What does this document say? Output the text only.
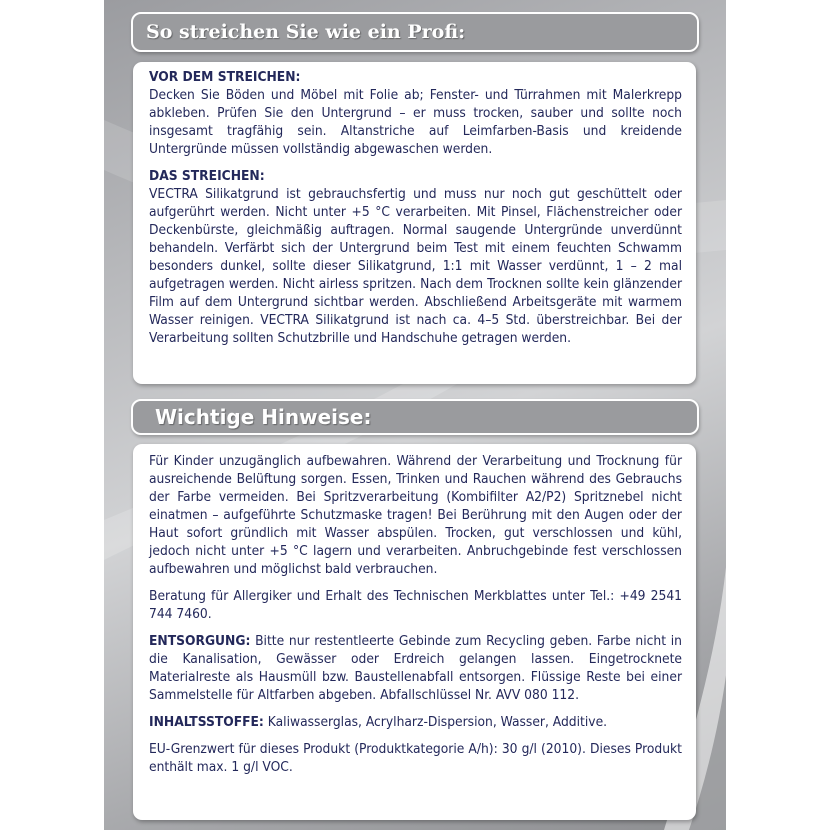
So streichen Sie wie ein Profi:
VOR DEM STREICHEN:

Decken Sie Böden und Möbel mit Folie ab; Fenster- und Türrahmen mit Malerkrepp abkleben. Prüfen Sie den Untergrund – er muss trocken, sauber und sollte noch insgesamt tragfähig sein. Altanstriche auf Leimfarben-Basis und kreidende Untergründe müssen vollständig abgewaschen werden.

DAS STREICHEN:

VECTRA Silikatgrund ist gebrauchsfertig und muss nur noch gut geschüttelt oder aufgerührt werden. Nicht unter +5 °C verarbeiten. Mit Pinsel, Flächenstreicher oder Deckenbürste, gleichmäßig auftragen. Normal saugende Untergründe unverdünnt behandeln. Verfärbt sich der Untergrund beim Test mit einem feuchten Schwamm besonders dunkel, sollte dieser Silikatgrund, 1:1 mit Wasser verdünnt, 1 – 2 mal aufgetragen werden. Nicht airless spritzen. Nach dem Trocknen sollte kein glänzender Film auf dem Untergrund sichtbar werden. Abschließend Arbeitsgeräte mit warmem Wasser reinigen. VECTRA Silikatgrund ist nach ca. 4–5 Std. überstreichbar. Bei der Verarbeitung sollten Schutzbrille und Handschuhe getragen werden.

Wichtige Hinweise:

Für Kinder unzugänglich aufbewahren. Während der Verarbeitung und Trocknung für ausreichende Belüftung sorgen. Essen, Trinken und Rauchen während des Gebrauchs der Farbe vermeiden. Bei Spritzverarbeitung (Kombifilter A2/P2) Spritznebel nicht einatmen – aufgeführte Schutzmaske tragen! Bei Berührung mit den Augen oder der Haut sofort gründlich mit Wasser abspülen. Trocken, gut verschlossen und kühl, jedoch nicht unter +5 °C lagern und verarbeiten. Anbruchgebinde fest verschlossen aufbewahren und möglichst bald verbrauchen.

Beratung für Allergiker und Erhalt des Technischen Merkblattes unter Tel.: +49 2541 744 7460.

ENTSORGUNG: Bitte nur restentleerte Gebinde zum Recycling geben. Farbe nicht in die Kanalisation, Gewässer oder Erdreich gelangen lassen. Eingetrocknete Materialreste als Hausmüll bzw. Baustellenabfall entsorgen. Flüssige Reste bei einer Sammelstelle für Altfarben abgeben. Abfallschlüssel Nr. AVV 080 112.

INHALTSSTOFFE: Kaliwasserglas, Acrylharz-Dispersion, Wasser, Additive.

EU-Grenzwert für dieses Produkt (Produktkategorie A/h): 30 g/l (2010). Dieses Produkt enthält max. 1 g/l VOC.
